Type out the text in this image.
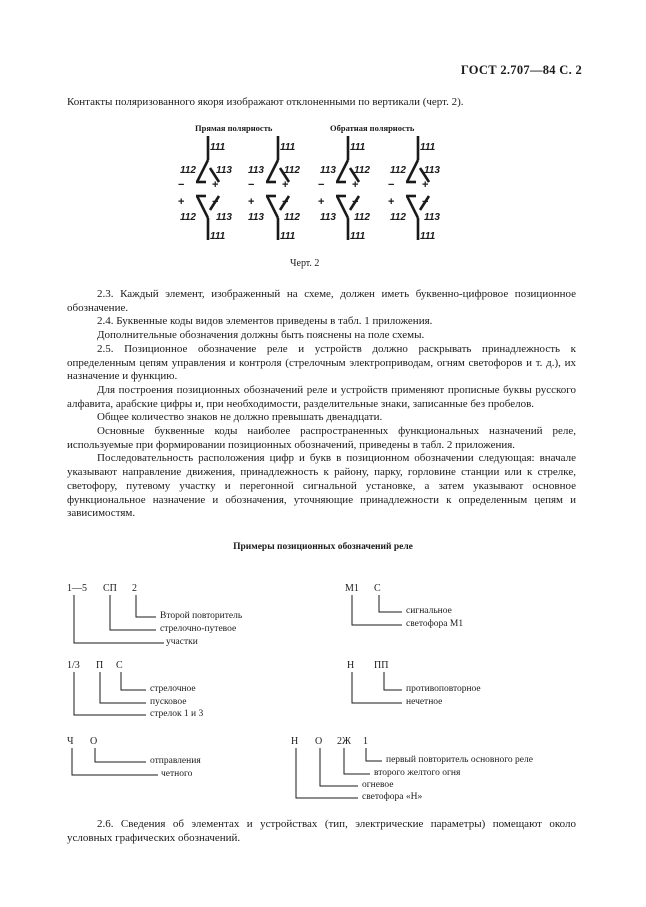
ГОСТ 2.707—84 С. 2
Контакты поляризованного якоря изображают отклоненными по вертикали (черт. 2).
Прямая полярность	Обратная полярность
111	111	111	111
112 113 113 112 113 112 112 113
112 113 113 112 113 112 112 113
111	111	111	111
+
−	+
−	+
−	+
−
+	−	+	−	+	−	+	−
Черт. 2

2.3. Каждый элемент, изображенный на схеме, должен иметь буквенно-цифровое позиционное обозначение.

2.4. Буквенные коды видов элементов приведены в табл. 1 приложения.

Дополнительные обозначения должны быть пояснены на поле схемы.

2.5. Позиционное обозначение реле и устройств должно раскрывать принадлежность к определенным цепям управления и контроля (стрелочным электроприводам, огням светофоров и т. д.), их назначение и функцию.

Для построения позиционных обозначений реле и устройств применяют прописные буквы русского алфавита, арабские цифры и, при необходимости, разделительные знаки, записанные без пробелов.

Общее количество знаков не должно превышать двенадцати.

Основные буквенные коды наиболее распространенных функциональных назначений реле, используемые при формировании позиционных обозначений, приведены в табл. 2 приложения.

Последовательность расположения цифр и букв в позиционном обозначении следующая: вначале указывают направление движения, принадлежность к району, парку, горловине станции или к стрелке, светофору, путевому участку и перегонной сигнальной установке, а затем указывают основное функциональное назначение и обозначения, уточняющие принадлежности к определенным цепям и зависимостям.

Примеры позиционных обозначений реле
1—5 СП 2
Второй повторитель
стрелочно-путевое
участки
М1 С
сигнальное
светофора М1
1/3 П С
стрелочное
пусковое
стрелок 1 и 3
Н ПП
противоповторное
нечетное
Ч О
отправления
четного
Н О 2Ж 1
первый повторитель основного реле
второго желтого огня
огневое
светофора «Н»

2.6. Сведения об элементах и устройствах (тип, электрические параметры) помещают около условных графических обозначений.
